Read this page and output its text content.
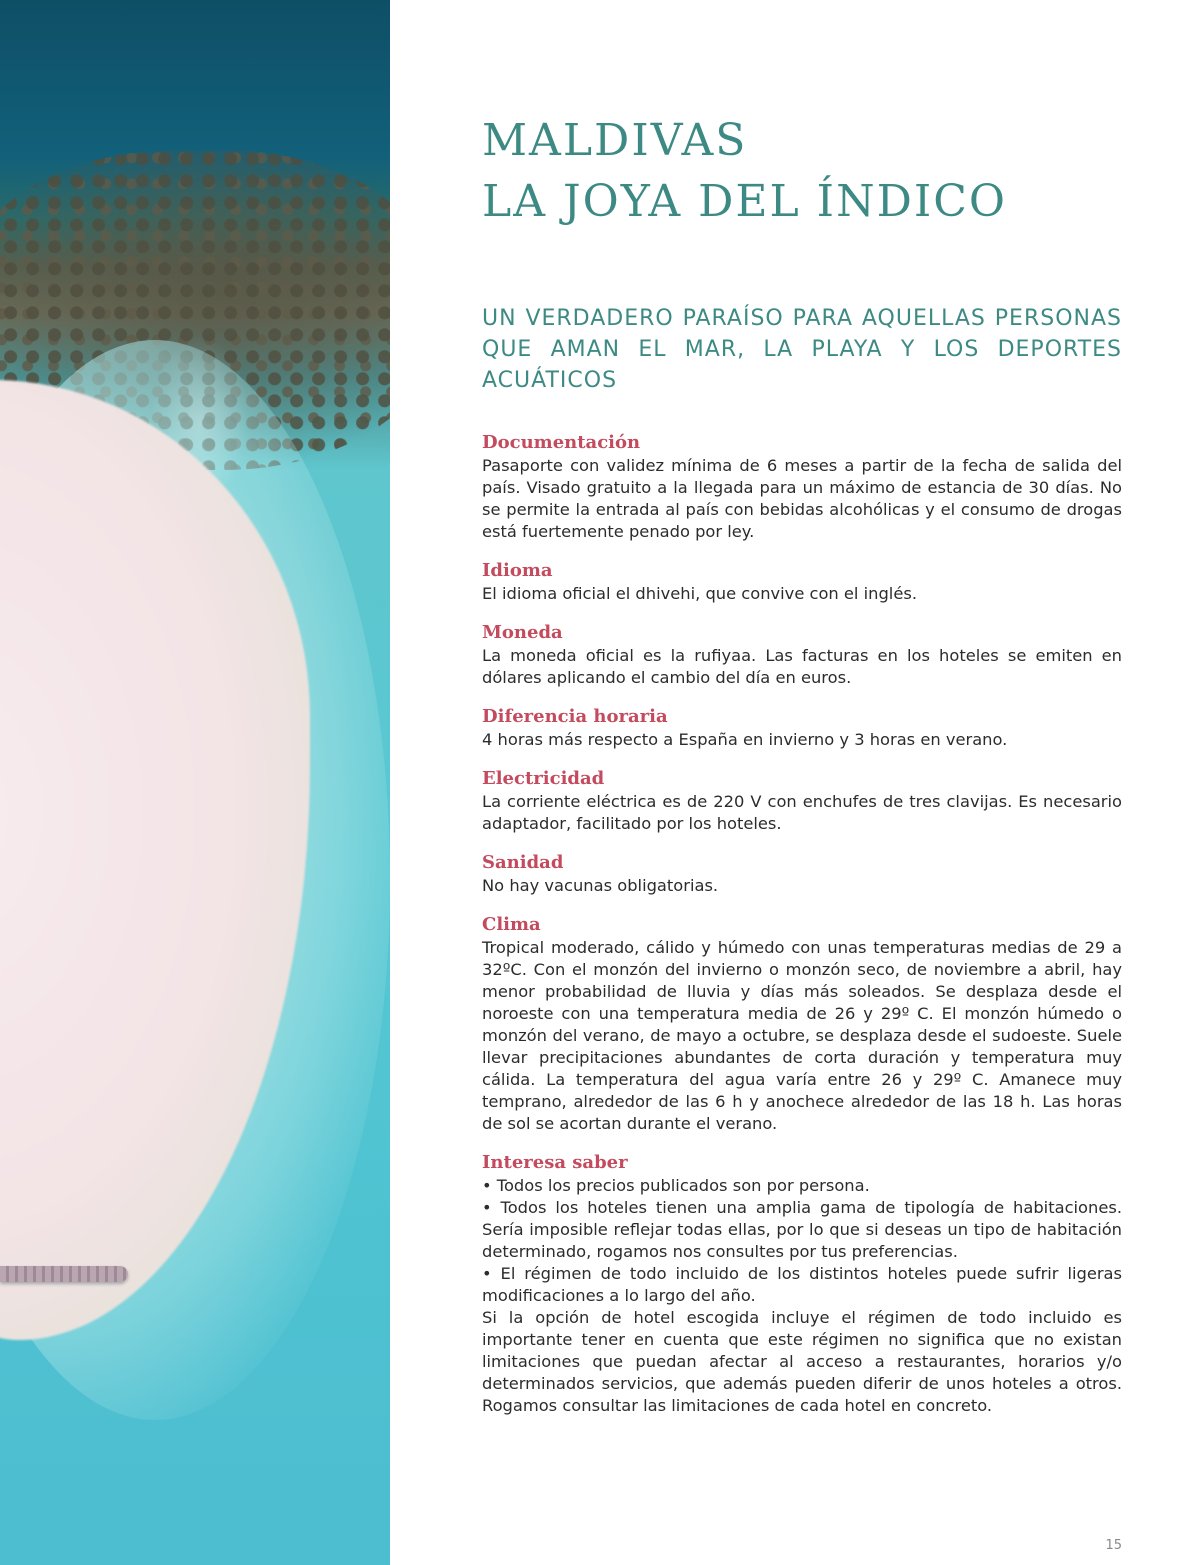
MALDIVAS
LA JOYA DEL ÍNDICO
UN VERDADERO PARAÍSO PARA AQUELLAS PERSONAS QUE AMAN EL MAR, LA PLAYA Y LOS DEPORTES ACUÁTICOS
Documentación

Pasaporte con validez mínima de 6 meses a partir de la fecha de salida del país. Visado gratuito a la llegada para un máximo de estancia de 30 días. No se permite la entrada al país con bebidas alcohólicas y el consumo de drogas está fuertemente penado por ley.

Idioma

El idioma oficial el dhivehi, que convive con el inglés.

Moneda

La moneda oficial es la rufiyaa. Las facturas en los hoteles se emiten en dólares aplicando el cambio del día en euros.

Diferencia horaria

4 horas más respecto a España en invierno y 3 horas en verano.

Electricidad

La corriente eléctrica es de 220 V con enchufes de tres clavijas. Es necesario adaptador, facilitado por los hoteles.

Sanidad

No hay vacunas obligatorias.

Clima

Tropical moderado, cálido y húmedo con unas temperaturas medias de 29 a 32ºC. Con el monzón del invierno o monzón seco, de noviembre a abril, hay menor probabilidad de lluvia y días más soleados. Se desplaza desde el noroeste con una temperatura media de 26 y 29º C. El monzón húmedo o monzón del verano, de mayo a octubre, se desplaza desde el sudoeste. Suele llevar precipitaciones abundantes de corta duración y temperatura muy cálida. La temperatura del agua varía entre 26 y 29º C. Amanece muy temprano, alrededor de las 6 h y anochece alrededor de las 18 h. Las horas de sol se acortan durante el verano.

Interesa saber

• Todos los precios publicados son por persona.

• Todos los hoteles tienen una amplia gama de tipología de habitaciones. Sería imposible reflejar todas ellas, por lo que si deseas un tipo de habitación determinado, rogamos nos consultes por tus preferencias.

• El régimen de todo incluido de los distintos hoteles puede sufrir ligeras modificaciones a lo largo del año.

Si la opción de hotel escogida incluye el régimen de todo incluido es importante tener en cuenta que este régimen no significa que no existan limitaciones que puedan afectar al acceso a restaurantes, horarios y/o determinados servicios, que además pueden diferir de unos hoteles a otros. Rogamos consultar las limitaciones de cada hotel en concreto.

15
